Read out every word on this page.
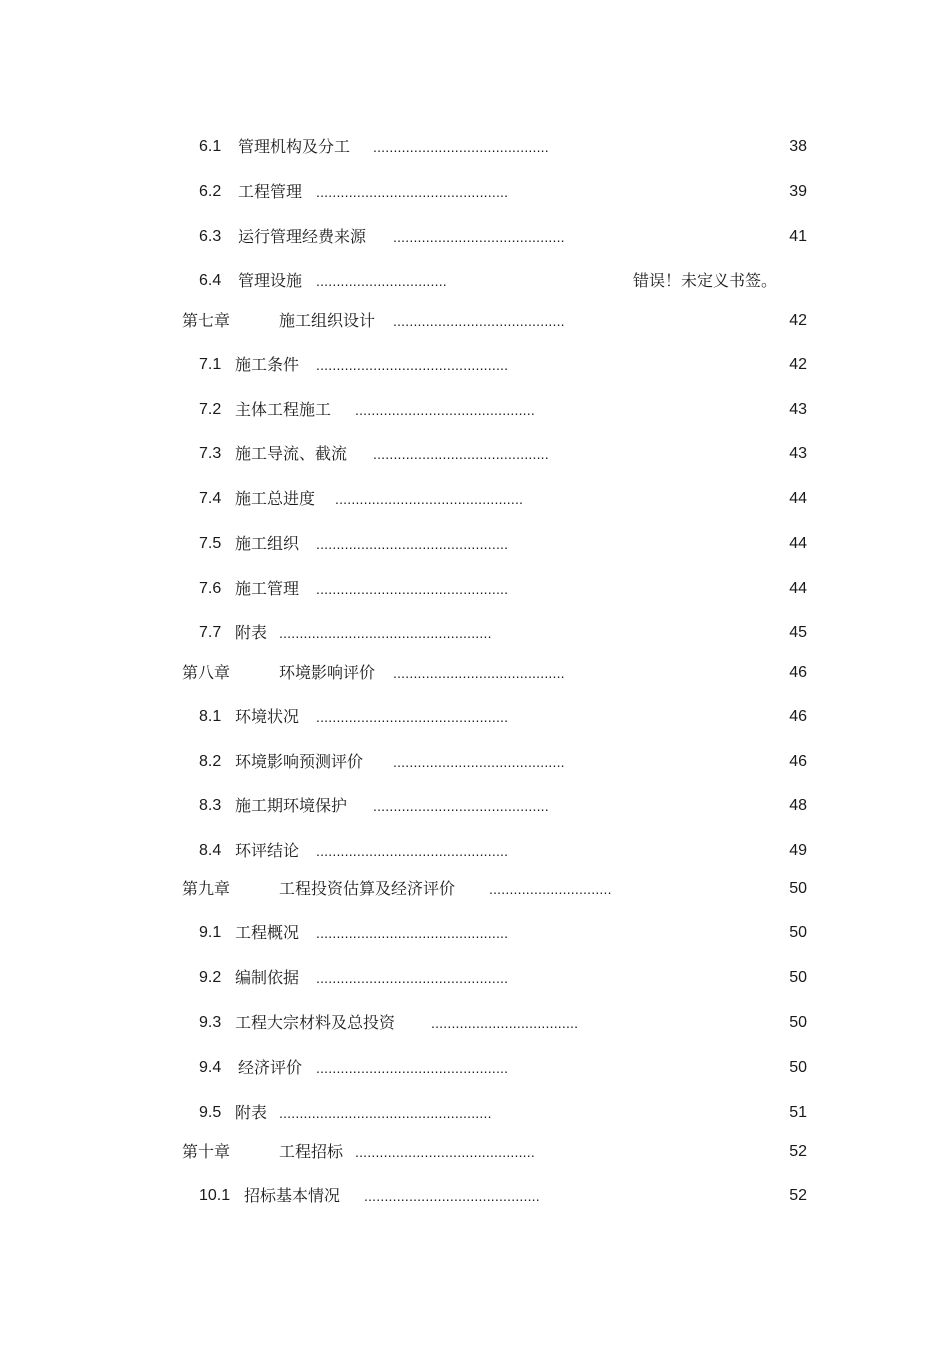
6.1 管理机构及分工 ...........................................	38
6.2 工程管理 ...............................................	39
6.3 运行管理经费来源 ..........................................	41
6.4 管理设施 ................................	错误！未定义书签。
第七章	施工组织设计 ..........................................	42
7.1 施工条件 ...............................................	42
7.2 主体工程施工 ............................................	43
7.3 施工导流、截流 ...........................................	43
7.4 施工总进度 ..............................................	44
7.5 施工组织 ...............................................	44
7.6 施工管理 ...............................................	44
7.7 附表 ....................................................	45
第八章	环境影响评价 ..........................................	46
8.1 环境状况 ...............................................	46
8.2 环境影响预测评价 ..........................................	46
8.3 施工期环境保护 ...........................................	48
8.4 环评结论 ...............................................	49
第九章	工程投资估算及经济评价 ..............................	50
9.1 工程概况 ...............................................	50
9.2 编制依据 ...............................................	50
9.3 工程大宗材料及总投资	....................................	50
9.4 经济评价 ...............................................	50
9.5 附表 ....................................................	51
第十章	工程招标 ............................................	52
10.1 招标基本情况 ...........................................	52
